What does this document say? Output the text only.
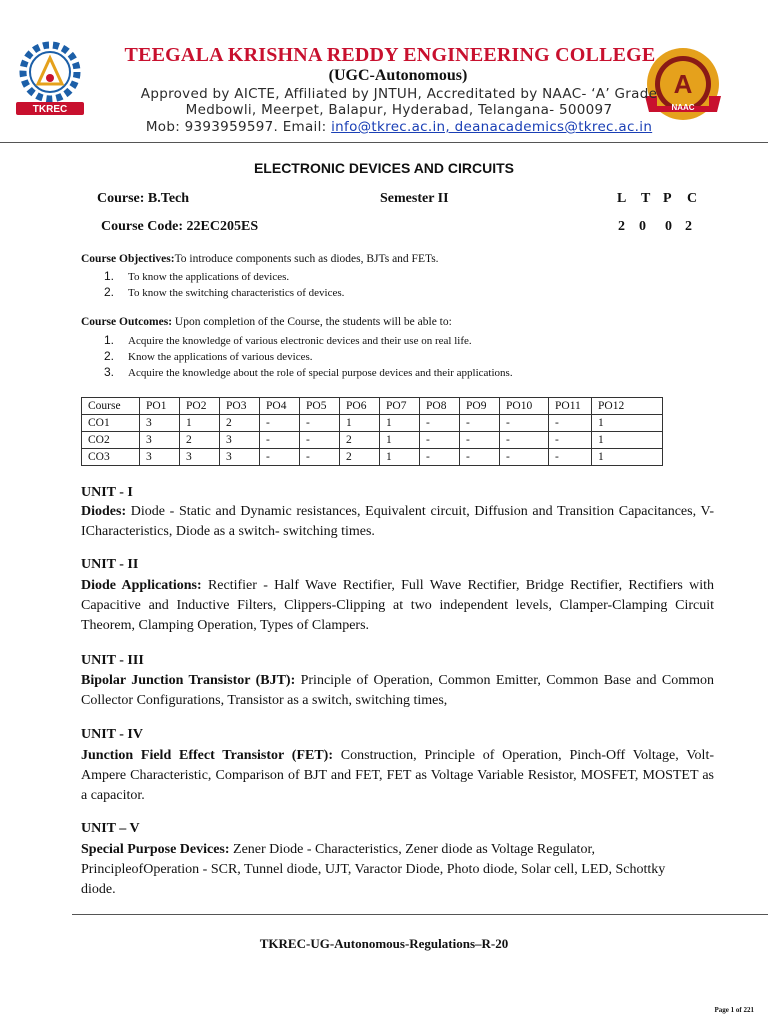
TKREC
A
NAAC
TEEGALA KRISHNA REDDY ENGINEERING COLLEGE
(UGC-Autonomous)
Approved by AICTE, Affiliated by JNTUH, Accreditated by NAAC- ‘A’ Grade
Medbowli, Meerpet, Balapur, Hyderabad, Telangana- 500097
Mob: 9393959597. Email: info@tkrec.ac.in, deanacademics@tkrec.ac.in
ELECTRONIC DEVICES AND CIRCUITS
Course: B.Tech	Semester II
Course Code: 22EC205ES
L T P C
2 0 0 2
Course Objectives:To introduce components such as diodes, BJTs and FETs.
1. To know the applications of devices.
2. To know the switching characteristics of devices.
Course Outcomes: Upon completion of the Course, the students will be able to:
1. Acquire the knowledge of various electronic devices and their use on real life.
2. Know the applications of various devices.
3. Acquire the knowledge about the role of special purpose devices and their applications.
Course	PO1	PO2	PO3	PO4	PO5	PO6	PO7	PO8	PO9	PO10	PO11	PO12
CO1	3	1	2	-	-	1	1	-	-	-	-	1
CO2	3	2	3	-	-	2	1	-	-	-	-	1
CO3	3	3	3	-	-	2	1	-	-	-	-	1
UNIT - I
Diodes: Diode - Static and Dynamic resistances, Equivalent circuit, Diffusion and Transition Capacitances, V-ICharacteristics, Diode as a switch- switching times.
UNIT - II
Diode Applications: Rectifier - Half Wave Rectifier, Full Wave Rectifier, Bridge Rectifier, Rectifiers with Capacitive and Inductive Filters, Clippers-Clipping at two independent levels, Clamper-Clamping Circuit Theorem, Clamping Operation, Types of Clampers.
UNIT - III
Bipolar Junction Transistor (BJT): Principle of Operation, Common Emitter, Common Base and Common Collector Configurations, Transistor as a switch, switching times,
UNIT - IV
Junction Field Effect Transistor (FET): Construction, Principle of Operation, Pinch-Off Voltage, Volt- Ampere Characteristic, Comparison of BJT and FET, FET as Voltage Variable Resistor, MOSFET, MOSTET as a capacitor.
UNIT – V
Special Purpose Devices: Zener Diode - Characteristics, Zener diode as Voltage Regulator, PrincipleofOperation - SCR, Tunnel diode, UJT, Varactor Diode, Photo diode, Solar cell, LED, Schottky diode.
TKREC-UG-Autonomous-Regulations–R-20
Page 1 of 221
